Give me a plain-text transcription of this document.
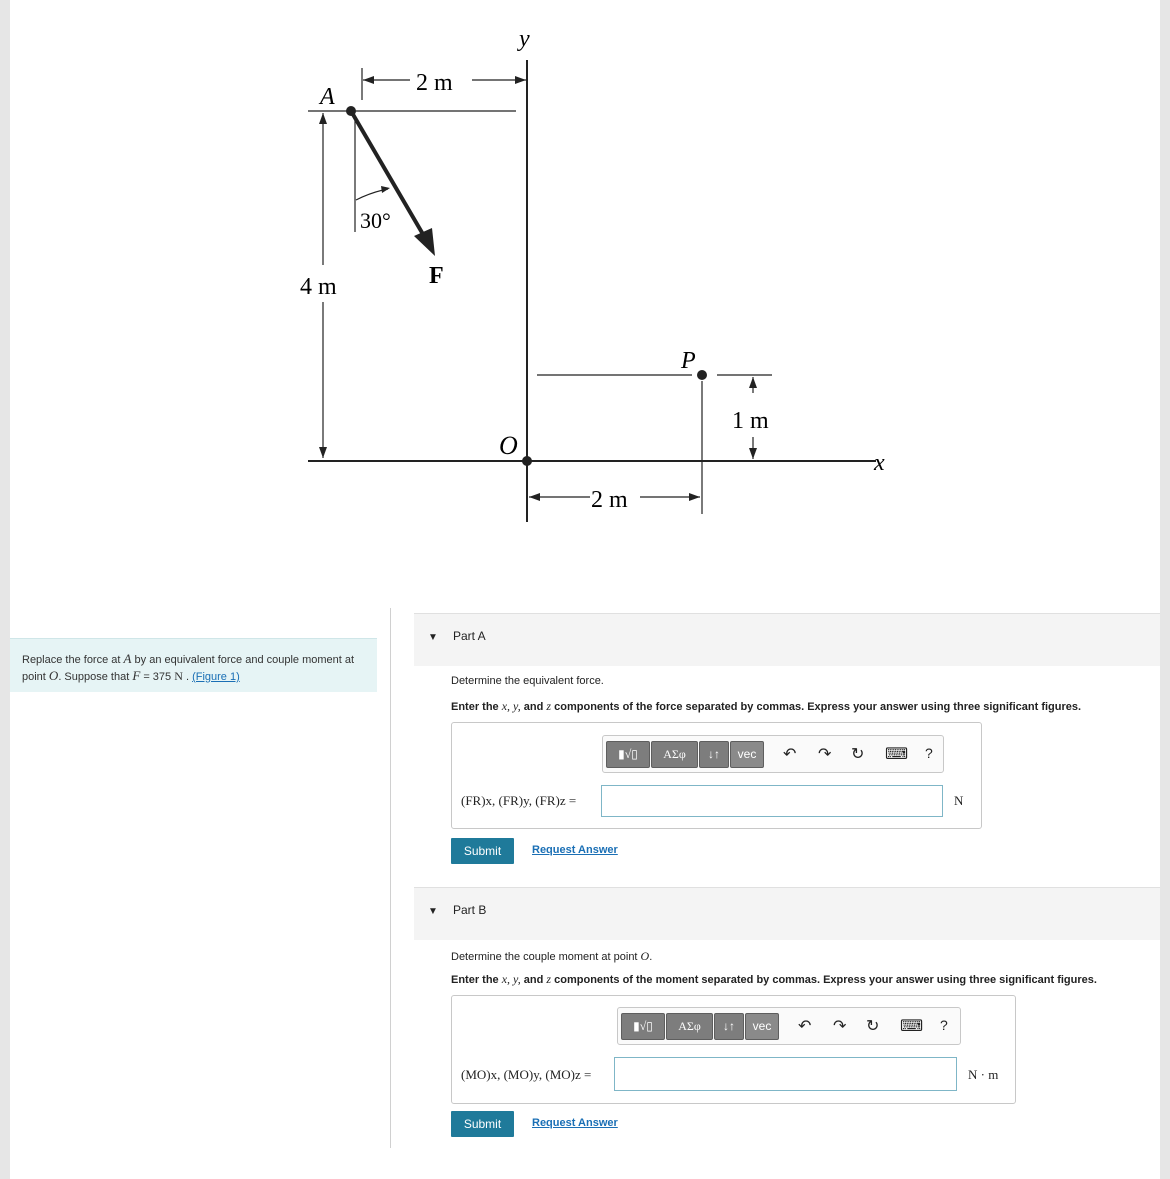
y
x
2 m
A
4 m	F
30°
O
P
1 m
2 m
Replace the force at A by an equivalent force and couple moment at point O. Suppose that F = 375 N . (Figure 1)
▼ Part A
Determine the equivalent force.
Enter the x, y, and z components of the force separated by commas. Express your answer using three significant figures.
▮√▯	ΑΣφ	↓↑	vec	↶ ↷ ↻ ⌨ ?
(FR)x, (FR)y, (FR)z =	N
Submit	Request Answer
▼ Part B
Determine the couple moment at point O.
Enter the x, y, and z components of the moment separated by commas. Express your answer using three significant figures.
▮√▯	ΑΣφ	↓↑	vec	↶ ↷ ↻ ⌨ ?
(MO)x, (MO)y, (MO)z =	N · m
Submit	Request Answer
